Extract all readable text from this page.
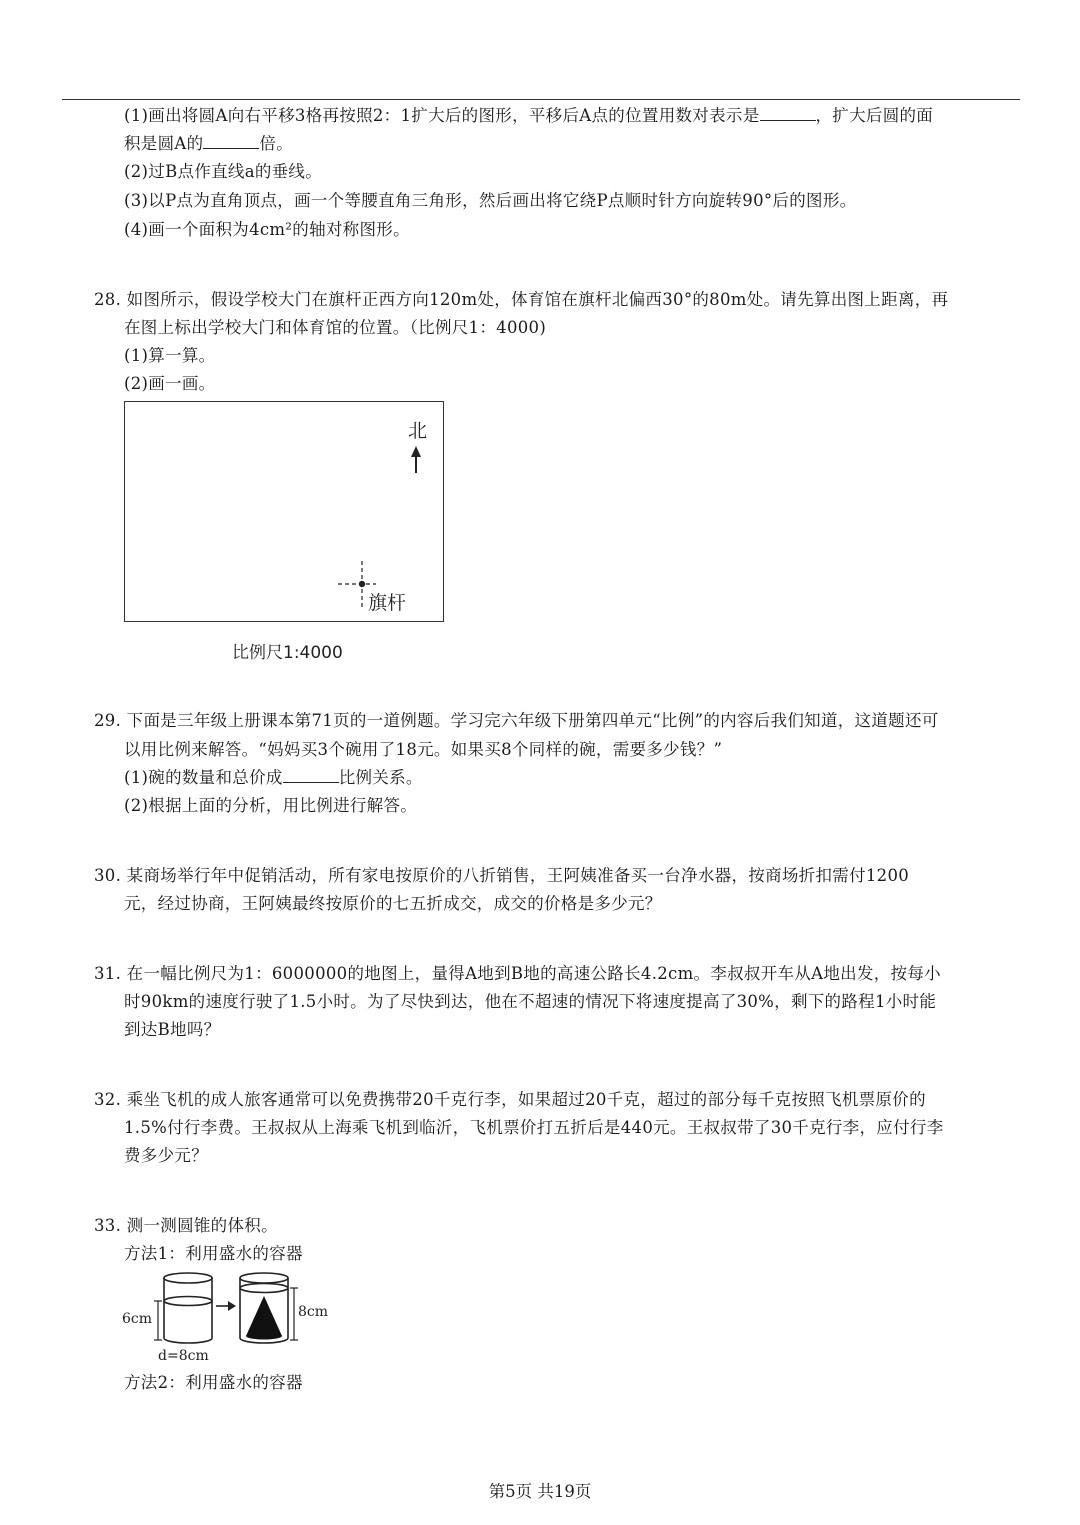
(1)画出将圆A向右平移3格再按照2：1扩大后的图形，平移后A点的位置用数对表示是	，扩大后圆的面
积是圆A的	倍。
(2)过B点作直线a的垂线。
(3)以P点为直角顶点，画一个等腰直角三角形，然后画出将它绕P点顺时针方向旋转90°后的图形。
(4)画一个面积为4cm²的轴对称图形。
28. 如图所示，假设学校大门在旗杆正西方向120m处，体育馆在旗杆北偏西30°的80m处。请先算出图上距离，再
在图上标出学校大门和体育馆的位置。（比例尺1：4000)
(1)算一算。
(2)画一画。
北
旗杆
比例尺1:4000
29. 下面是三年级上册课本第71页的一道例题。学习完六年级下册第四单元“比例”的内容后我们知道，这道题还可
以用比例来解答。“妈妈买3个碗用了18元。如果买8个同样的碗，需要多少钱？”
(1)碗的数量和总价成	比例关系。
(2)根据上面的分析，用比例进行解答。
30. 某商场举行年中促销活动，所有家电按原价的八折销售，王阿姨准备买一台净水器，按商场折扣需付1200
元，经过协商，王阿姨最终按原价的七五折成交，成交的价格是多少元？
31. 在一幅比例尺为1：6000000的地图上，量得A地到B地的高速公路长4.2cm。李叔叔开车从A地出发，按每小
时90km的速度行驶了1.5小时。为了尽快到达，他在不超速的情况下将速度提高了30%，剩下的路程1小时能
到达B地吗？
32. 乘坐飞机的成人旅客通常可以免费携带20千克行李，如果超过20千克，超过的部分每千克按照飞机票原价的
1.5%付行李费。王叔叔从上海乘飞机到临沂，飞机票价打五折后是440元。王叔叔带了30千克行李，应付行李
费多少元？
33. 测一测圆锥的体积。
方法1：利用盛水的容器
6cm	8cm
d=8cm
方法2：利用盛水的容器
第5页 共19页
